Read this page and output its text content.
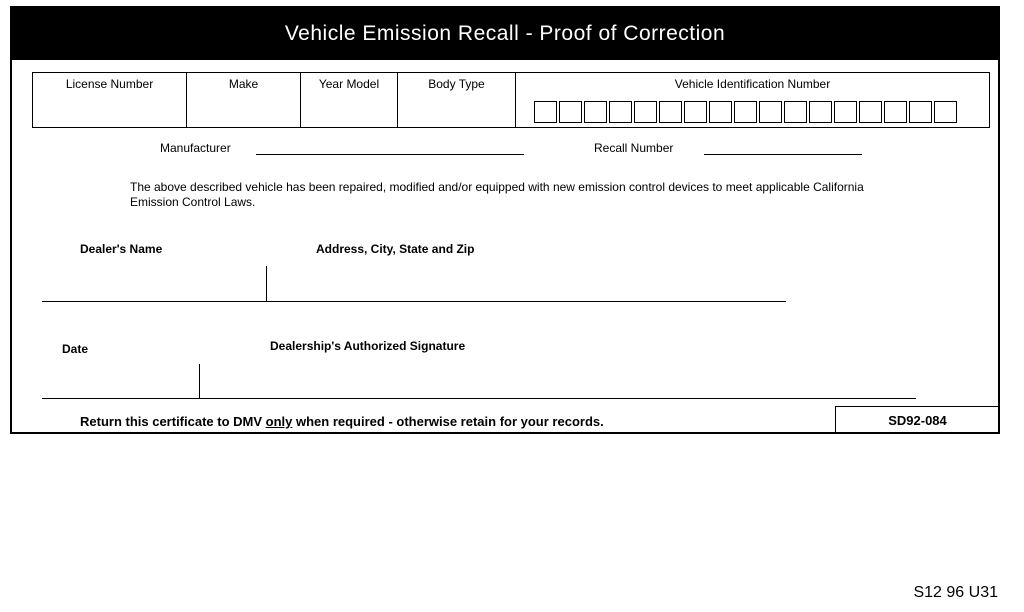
Vehicle Emission Recall - Proof of Correction
License Number	Make	Year Model	Body Type	Vehicle Identification Number
Manufacturer	Recall Number
The above described vehicle has been repaired, modified and/or equipped with new emission control devices to meet applicable California Emission Control Laws.
Dealer's Name	Address, City, State and Zip
Date	Dealership's Authorized Signature
Return this certificate to DMV only when required - otherwise retain for your records.	SD92-084
S12 96 U31
